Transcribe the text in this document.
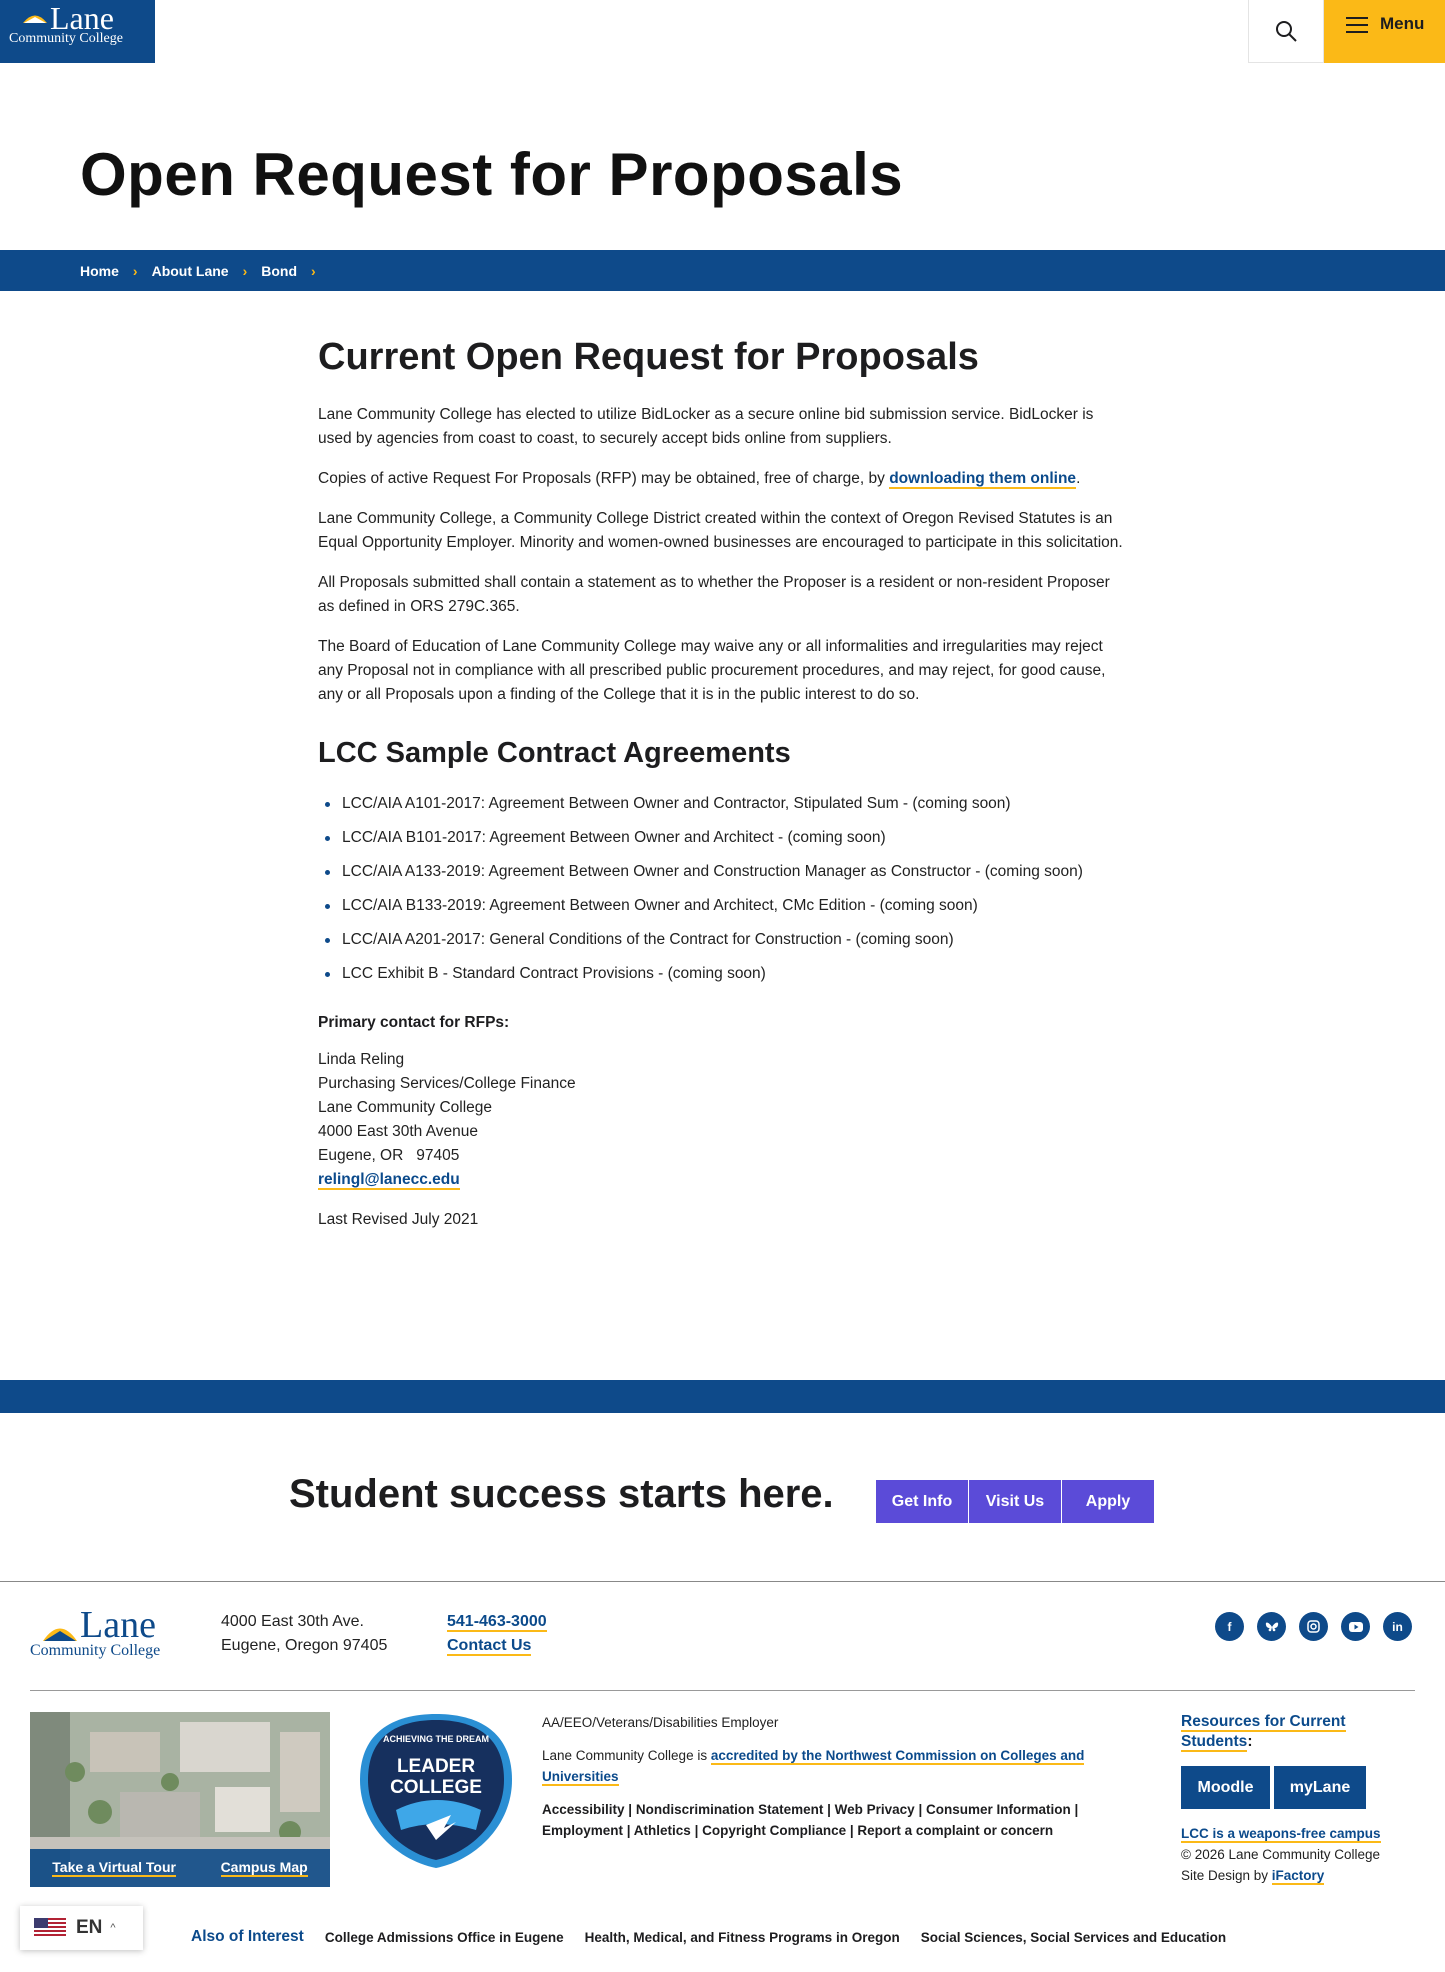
Lane
Community College
Menu
Open Request for Proposals
Home › About Lane › Bond ›
Current Open Request for Proposals

Lane Community College has elected to utilize BidLocker as a secure online bid submission service. BidLocker is used by agencies from coast to coast, to securely accept bids online from suppliers.

Copies of active Request For Proposals (RFP) may be obtained, free of charge, by downloading them online.

Lane Community College, a Community College District created within the context of Oregon Revised Statutes is an Equal Opportunity Employer. Minority and women-owned businesses are encouraged to participate in this solicitation.

All Proposals submitted shall contain a statement as to whether the Proposer is a resident or non-resident Proposer as defined in ORS 279C.365.

The Board of Education of Lane Community College may waive any or all informalities and irregularities may reject any Proposal not in compliance with all prescribed public procurement procedures, and may reject, for good cause, any or all Proposals upon a finding of the College that it is in the public interest to do so.

LCC Sample Contract Agreements
LCC/AIA A101-2017: Agreement Between Owner and Contractor, Stipulated Sum - (coming soon)
LCC/AIA B101-2017: Agreement Between Owner and Architect - (coming soon)
LCC/AIA A133-2019: Agreement Between Owner and Construction Manager as Constructor - (coming soon)
LCC/AIA B133-2019: Agreement Between Owner and Architect, CMc Edition - (coming soon)
LCC/AIA A201-2017: General Conditions of the Contract for Construction - (coming soon)
LCC Exhibit B - Standard Contract Provisions - (coming soon)
Primary contact for RFPs:
Linda Reling
Purchasing Services/College Finance
Lane Community College
4000 East 30th Avenue
Eugene, OR   97405
relingl@lanecc.edu

Last Revised July 2021

Student success starts here.	Get Info	Visit Us	Apply
Lane
Community College
4000 East 30th Ave.
Eugene, Oregon 97405
541-463-3000
Contact Us
f	in
Take a Virtual Tour	Campus Map
ACHIEVING THE DREAM
LEADER
COLLEGE

AA/EEO/Veterans/Disabilities Employer

Lane Community College is accredited by the Northwest Commission on Colleges and Universities

Accessibility | Nondiscrimination Statement | Web Privacy | Consumer Information | Employment | Athletics | Copyright Compliance | Report a complaint or concern

Resources for Current Students:
Moodle	myLane
LCC is a weapons-free campus
© 2026 Lane Community College
Site Design by iFactory
EN ^	Also of Interest College Admissions Office in Eugene Health, Medical, and Fitness Programs in Oregon Social Sciences, Social Services and Education
